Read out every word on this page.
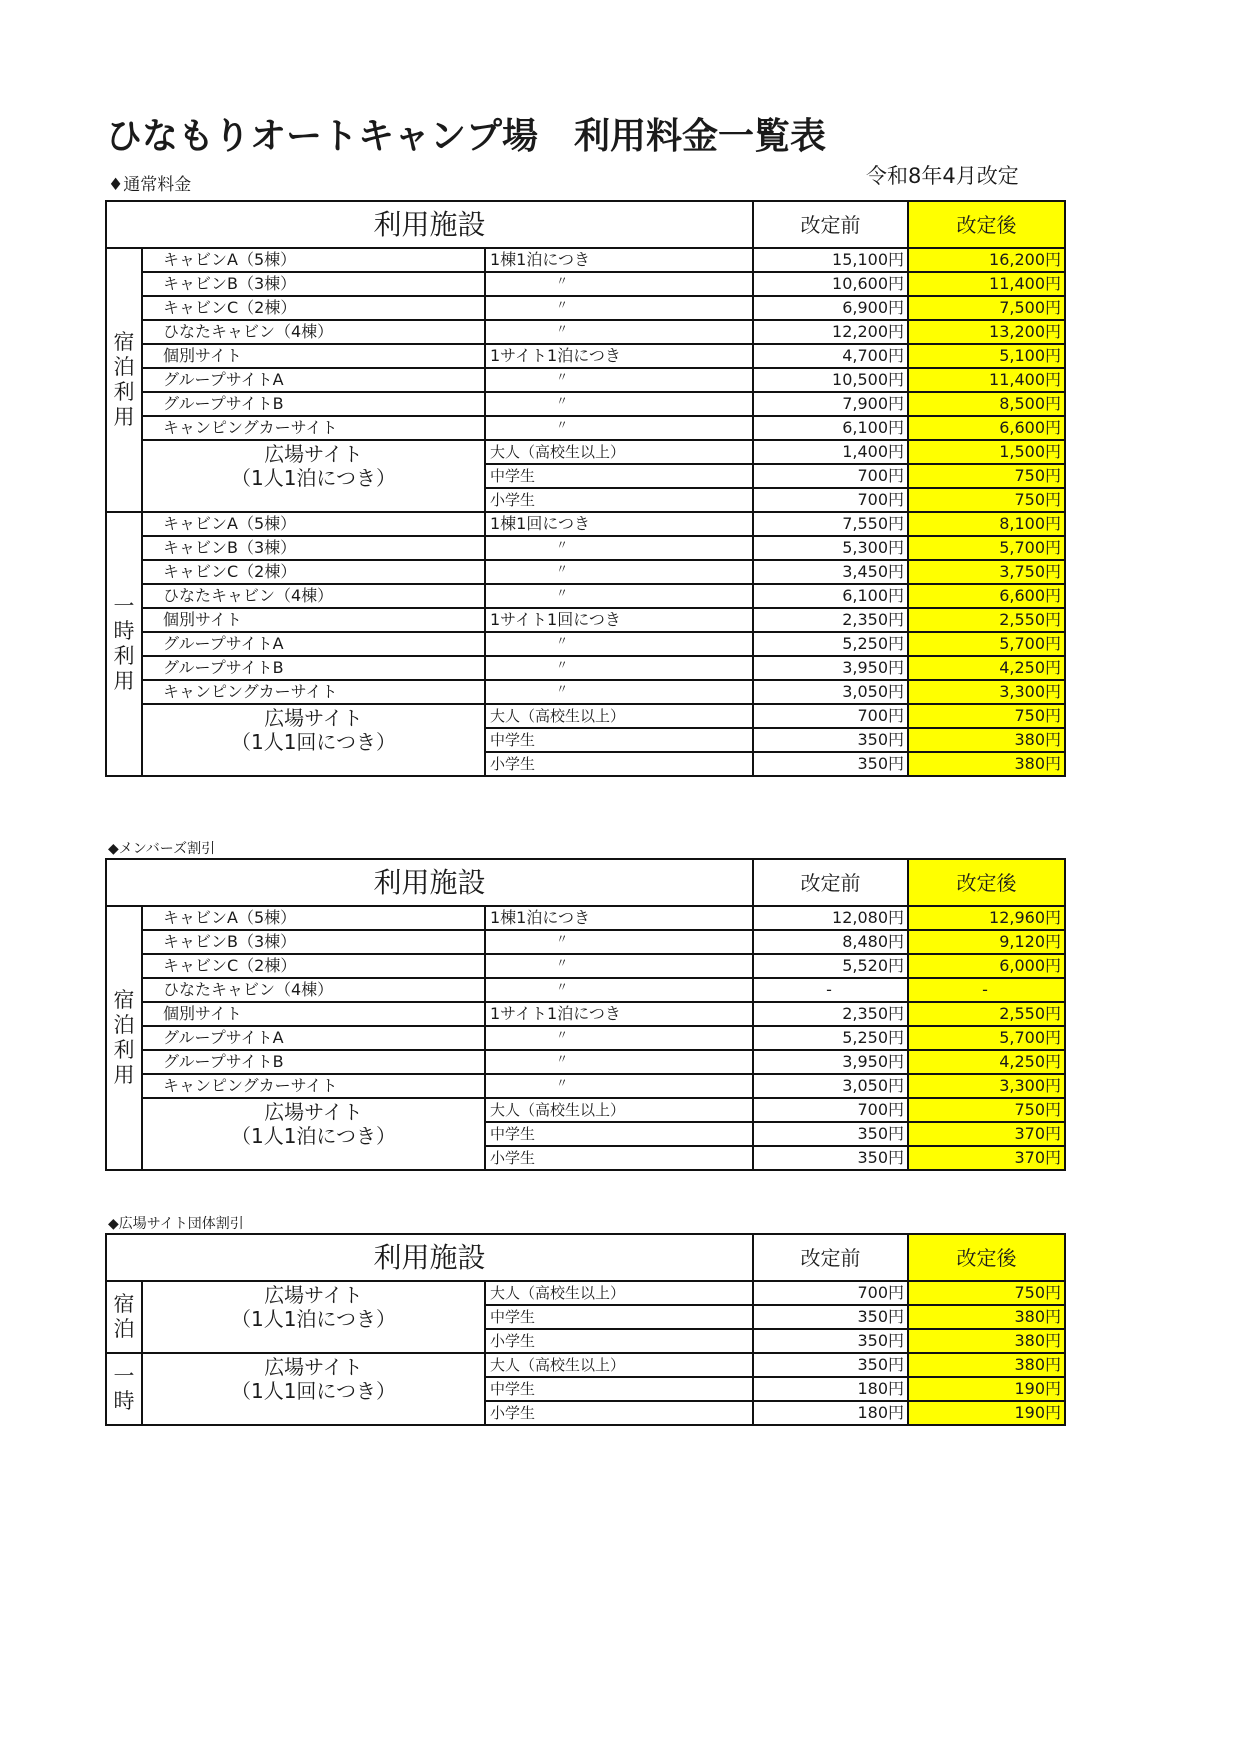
ひなもりオートキャンプ場　利用料金一覧表
令和8年4月改定
♦通常料金
利用施設			改定前	改定後
宿泊利用	キャビンA（5棟）	1棟1泊につき	15,100円	16,200円
	キャビンB（3棟）	〃	10,600円	11,400円
	キャビンC（2棟）	〃	6,900円	7,500円
	ひなたキャビン（4棟）	〃	12,200円	13,200円
	個別サイト	1サイト1泊につき	4,700円	5,100円
	グループサイトA	〃	10,500円	11,400円
	グループサイトB	〃	7,900円	8,500円
	キャンピングカーサイト	〃	6,100円	6,600円

	広場サイト
（1人1泊につき）	大人（高校生以上）	1,400円	1,500円
		中学生	700円	750円
		小学生	700円	750円
一時利用	キャビンA（5棟）	1棟1回につき	7,550円	8,100円
	キャビンB（3棟）	〃	5,300円	5,700円
	キャビンC（2棟）	〃	3,450円	3,750円
	ひなたキャビン（4棟）	〃	6,100円	6,600円
	個別サイト	1サイト1回につき	2,350円	2,550円
	グループサイトA	〃	5,250円	5,700円
	グループサイトB	〃	3,950円	4,250円
	キャンピングカーサイト	〃	3,050円	3,300円

	広場サイト
（1人1回につき）	大人（高校生以上）	700円	750円
		中学生	350円	380円
		小学生	350円	380円
◆メンバーズ割引
利用施設			改定前	改定後
宿泊利用	キャビンA（5棟）	1棟1泊につき	12,080円	12,960円
	キャビンB（3棟）	〃	8,480円	9,120円
	キャビンC（2棟）	〃	5,520円	6,000円
	ひなたキャビン（4棟）	〃	-	-
	個別サイト	1サイト1泊につき	2,350円	2,550円
	グループサイトA	〃	5,250円	5,700円
	グループサイトB	〃	3,950円	4,250円
	キャンピングカーサイト	〃	3,050円	3,300円

	広場サイト
（1人1泊につき）	大人（高校生以上）	700円	750円
		中学生	350円	370円
		小学生	350円	370円
◆広場サイト団体割引
利用施設			改定前	改定後
宿泊	広場サイト
（1人1泊につき）	大人（高校生以上）	700円	750円
		中学生	350円	380円
		小学生	350円	380円
一時	広場サイト
（1人1回につき）	大人（高校生以上）	350円	380円
		中学生	180円	190円
		小学生	180円	190円
